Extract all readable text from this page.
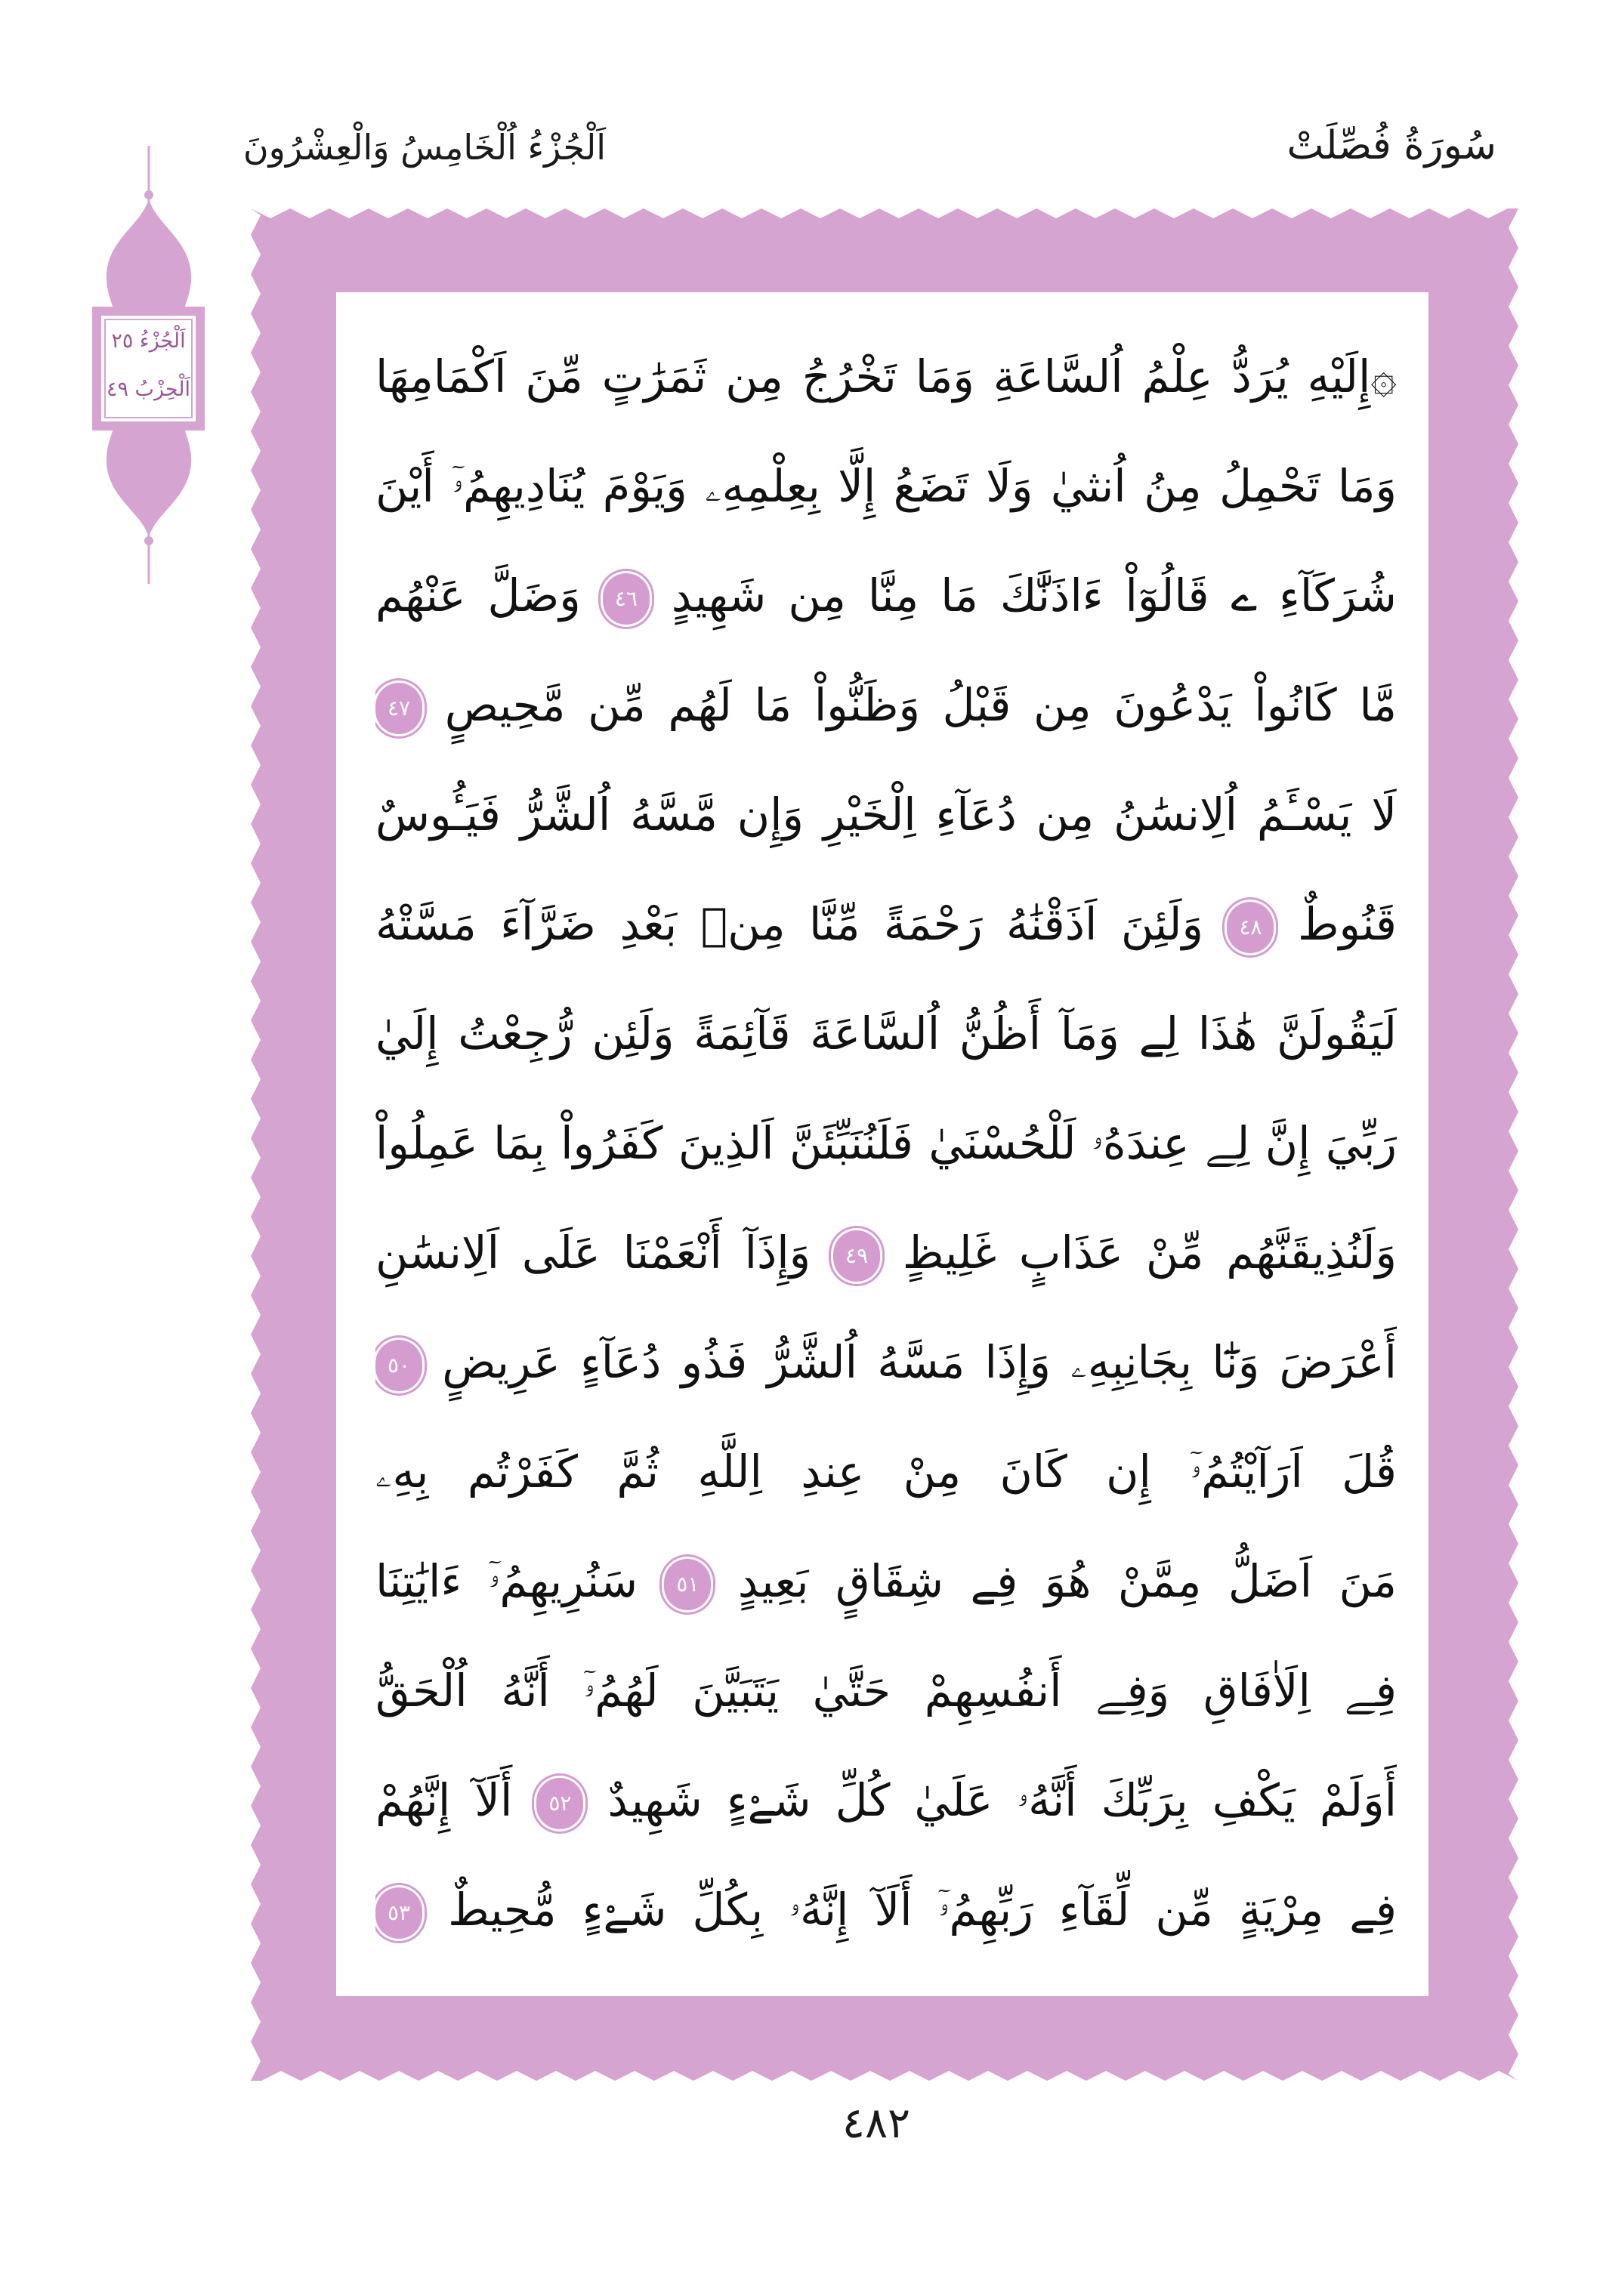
سُورَةُ فُصِّلَتْ
اَلْجُزْءُ اُلْخَامِسُ وَالْعِشْرُونَ
اَلْجُزْءُ ٢٥
اَلْحِزْبُ ٤٩	۞إِلَيْهِ يُرَدُّ عِلْمُ اُلسَّاعَةِ وَمَا تَخْرُجُ مِن ثَمَرَٰتٍ مِّنَ اَكْمَامِهَا
وَمَا تَحْمِلُ مِنُ اُنثيٰ وَلَا تَضَعُ إِلَّا بِعِلْمِهِۦ وَيَوْمَ يُنَادِيهِمُۥٓ أَيْنَ
شُرَكَآءِ ے قَالُوٓاْ ءَاذَنَّٰكَ مَا مِنَّا مِن شَهِيدٍ ٤٦ وَضَلَّ عَنْهُم
مَّا كَانُواْ يَدْعُونَ مِن قَبْلُ وَظَنُّواْ مَا لَهُم مِّن مَّحِيصٍ ٤٧
لَا يَسْـَٔمُ اُلِانسَٰنُ مِن دُعَآءِ اِلْخَيْرِ وَإِن مَّسَّهُ اُلشَّرُّ فَيَـُٔوسٌ
قَنُوطٌ ٤٨ وَلَئِنَ اَذَقْنَٰهُ رَحْمَةً مِّنَّا مِنۢ بَعْدِ ضَرَّآءَ مَسَّتْهُ
لَيَقُولَنَّ هَٰذَا لِے وَمَآ أَظُنُّ اُلسَّاعَةَ قَآئِمَةً وَلَئِن رُّجِعْتُ إِلَيٰ
رَبِّيَ إِنَّ لِے عِندَهُۥ لَلْحُسْنَيٰ فَلَنُنَبِّئَنَّ اَلذِينَ كَفَرُواْ بِمَا عَمِلُواْ
وَلَنُذِيقَنَّهُم مِّنْ عَذَابٍ غَلِيظٍ ٤٩ وَإِذَآ أَنْعَمْنَا عَلَى اَلِانسَٰنِ
أَعْرَضَ وَنَٰٓا بِجَانِبِهِۦ وَإِذَا مَسَّهُ اُلشَّرُّ فَذُو دُعَآءٍ عَرِيضٍ ٥٠
قُلَ اَرَآيْتُمُۥٓ إِن كَانَ مِنْ عِندِ اِللَّهِ ثُمَّ كَفَرْتُم بِهِۦ
مَنَ اَضَلُّ مِمَّنْ هُوَ فِے شِقَاقٍ بَعِيدٍ ٥١ سَنُرِيهِمُۥٓ ءَايَٰتِنَا
فِے اِلَاٰفَاقِ وَفِے أَنفُسِهِمْ حَتَّيٰ يَتَبَيَّنَ لَهُمُۥٓ أَنَّهُ اُلْحَقُّ
أَوَلَمْ يَكْفِ بِرَبِّكَ أَنَّهُۥ عَلَيٰ كُلِّ شَےْءٍ شَهِيدٌ ٥٢ أَلَآ إِنَّهُمْ
فِے مِرْيَةٍ مِّن لِّقَآءِ رَبِّهِمُۥٓ أَلَآ إِنَّهُۥ بِكُلِّ شَےْءٍ مُّحِيطٌ ٥٣
٤٨٢
